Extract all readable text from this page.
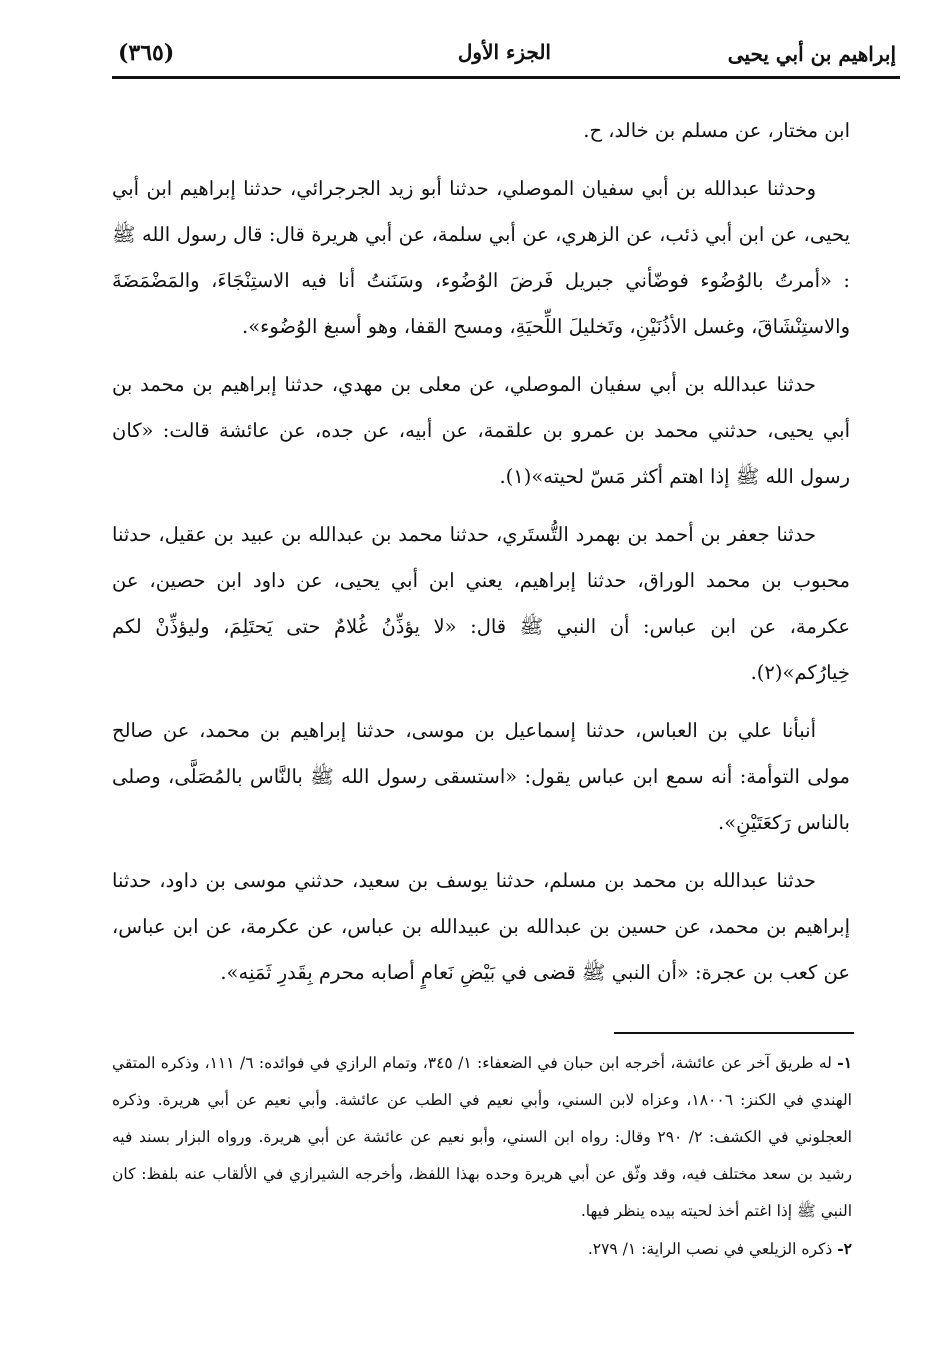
إبراهيم بن أبي يحيى
الجزء الأول
(٣٦٥)

ابن مختار، عن مسلم بن خالد، ح.

وحدثنا عبدالله بن أبي سفيان الموصلي، حدثنا أبو زيد الجرجرائي، حدثنا إبراهيم ابن أبي يحيى، عن ابن أبي ذئب، عن الزهري، عن أبي سلمة، عن أبي هريرة قال: قال رسول الله ﷺ : «أمرتُ بالوُضُوء فوضّأني جبريل فَرضَ الوُضُوء، وسَنَنتُ أنا فيه الاستِنْجَاءَ، والمَضْمَضَةَ والاستِنْشَاقَ، وغسل الأذُنَيْنِ، وتَخليلَ اللِّحيَةِ، ومسح القفا، وهو أسبغ الوُضُوء».

حدثنا عبدالله بن أبي سفيان الموصلي، عن معلى بن مهدي، حدثنا إبراهيم بن محمد بن أبي يحيى، حدثني محمد بن عمرو بن علقمة، عن أبيه، عن جده، عن عائشة قالت: «كان رسول الله ﷺ إذا اهتم أكثر مَسّ لحيته»(١).

حدثنا جعفر بن أحمد بن بهمرد التُّستَري، حدثنا محمد بن عبدالله بن عبيد بن عقيل، حدثنا محبوب بن محمد الوراق، حدثنا إبراهيم، يعني ابن أبي يحيى، عن داود ابن حصين، عن عكرمة، عن ابن عباس: أن النبي ﷺ قال: «لا يؤذِّنُ غُلامٌ حتى يَحتَلِمَ، وليؤذِّنْ لكم خِيارُكم»(٢).

أنبأنا علي بن العباس، حدثنا إسماعيل بن موسى، حدثنا إبراهيم بن محمد، عن صالح مولى التوأمة: أنه سمع ابن عباس يقول: «استسقى رسول الله ﷺ بالنَّاس بالمُصَلَّى، وصلى بالناس رَكعَتَيْنِ».

حدثنا عبدالله بن محمد بن مسلم، حدثنا يوسف بن سعيد، حدثني موسى بن داود، حدثنا إبراهيم بن محمد، عن حسين بن عبدالله بن عبيدالله بن عباس، عن عكرمة، عن ابن عباس، عن كعب بن عجرة: «أن النبي ﷺ قضى في بَيْضِ نَعامٍ أصابه محرم بِقَدرِ ثَمَنِه».

١- له طريق آخر عن عائشة، أخرجه ابن حبان في الضعفاء: ١/ ٣٤٥، وتمام الرازي في فوائده: ٦/ ١١١، وذكره المتقي الهندي في الكنز: ١٨٠٠٦، وعزاه لابن السني، وأبي نعيم في الطب عن عائشة. وأبي نعيم عن أبي هريرة. وذكره العجلوني في الكشف: ٢/ ٢٩٠ وقال: رواه ابن السني، وأبو نعيم عن عائشة عن أبي هريرة. ورواه البزار بسند فيه رشيد بن سعد مختلف فيه، وقد وثّق عن أبي هريرة وحده بهذا اللفظ، وأخرجه الشيرازي في الألقاب عنه بلفظ: كان النبي ﷺ إذا اغتم أخذ لحيته بيده ينظر فيها.

٢- ذكره الزيلعي في نصب الراية: ١/ ٢٧٩.
